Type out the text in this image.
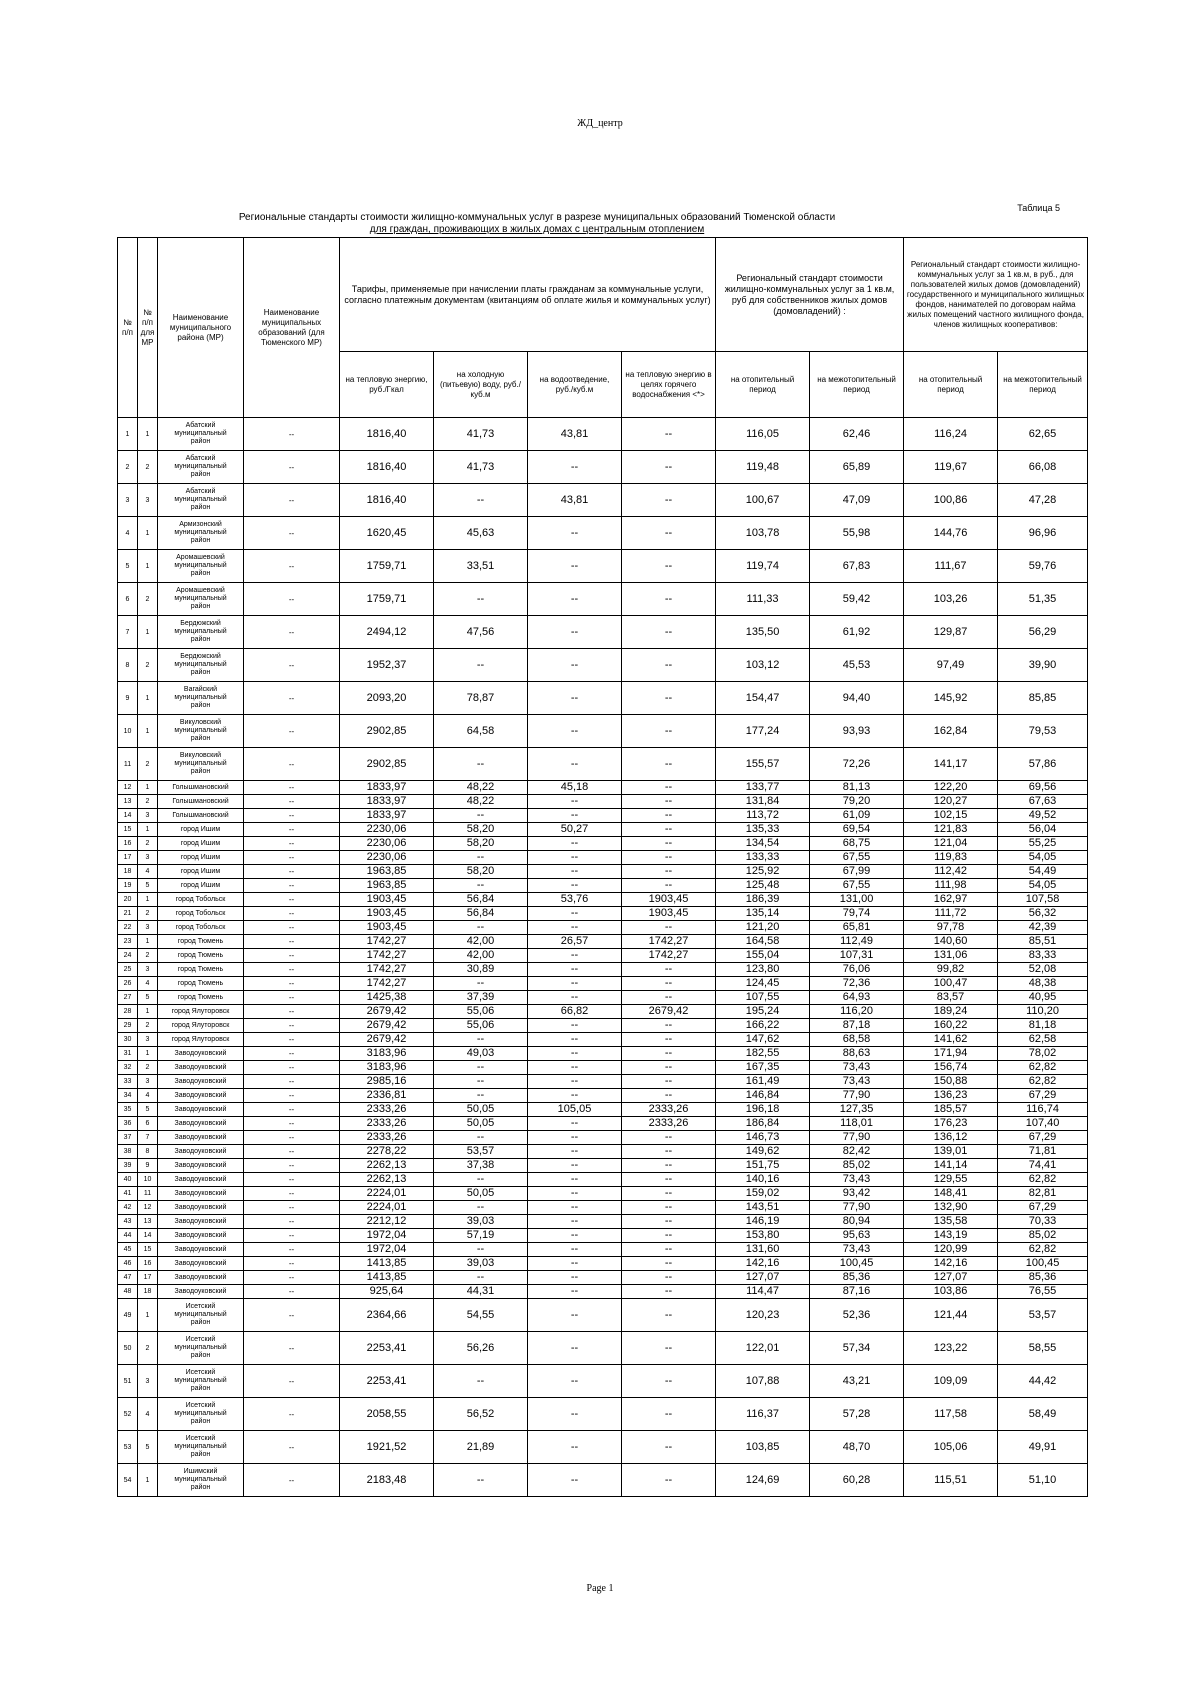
ЖД_центр
Таблица 5
Региональные стандарты стоимости жилищно-коммунальных услуг в разрезе муниципальных образований Тюменской области
для граждан, проживающих в жилых домах с центральным отоплением
№ п/п	№ п/п для МР	Наименование муниципального района (МР)	Наименование муниципальных образований (для Тюменского МР)	Тарифы, применяемые при начислении платы гражданам за коммунальные услуги, согласно платежным документам (квитанциям об оплате жилья и коммунальных услуг)				Региональный стандарт стоимости жилищно-коммунальных услуг за 1 кв.м, руб для собственников жилых домов (домовладений) :		Региональный стандарт стоимости жилищно-коммунальных услуг за 1 кв.м, в руб., для пользователей жилых домов (домовладений) государственного и муниципального жилищных фондов, нанимателей по договорам найма жилых помещений частного жилищного фонда, членов жилищных кооперативов:	
				на тепловую энергию, руб./Гкал	на холодную (питьевую) воду, руб./куб.м	на водоотведение, руб./куб.м	на тепловую энергию в целях горячего водоснабжения <*>	на отопительный период	на межотопительный период	на отопительный период	на межотопительный период
1	1	Абатский
муниципальный
район	--	1816,40	41,73	43,81	--	116,05	62,46	116,24	62,65
2	2	Абатский
муниципальный
район	--	1816,40	41,73	--	--	119,48	65,89	119,67	66,08
3	3	Абатский
муниципальный
район	--	1816,40	--	43,81	--	100,67	47,09	100,86	47,28
4	1	Армизонский
муниципальный
район	--	1620,45	45,63	--	--	103,78	55,98	144,76	96,96
5	1	Аромашевский
муниципальный
район	--	1759,71	33,51	--	--	119,74	67,83	111,67	59,76
6	2	Аромашевский
муниципальный
район	--	1759,71	--	--	--	111,33	59,42	103,26	51,35
7	1	Бердюжский
муниципальный
район	--	2494,12	47,56	--	--	135,50	61,92	129,87	56,29
8	2	Бердюжский
муниципальный
район	--	1952,37	--	--	--	103,12	45,53	97,49	39,90
9	1	Вагайский
муниципальный
район	--	2093,20	78,87	--	--	154,47	94,40	145,92	85,85
10	1	Викуловский
муниципальный
район	--	2902,85	64,58	--	--	177,24	93,93	162,84	79,53
11	2	Викуловский
муниципальный
район	--	2902,85	--	--	--	155,57	72,26	141,17	57,86
12	1	Голышмановский	--	1833,97	48,22	45,18	--	133,77	81,13	122,20	69,56
13	2	Голышмановский	--	1833,97	48,22	--	--	131,84	79,20	120,27	67,63
14	3	Голышмановский	--	1833,97	--	--	--	113,72	61,09	102,15	49,52
15	1	город Ишим	--	2230,06	58,20	50,27	--	135,33	69,54	121,83	56,04
16	2	город Ишим	--	2230,06	58,20	--	--	134,54	68,75	121,04	55,25
17	3	город Ишим	--	2230,06	--	--	--	133,33	67,55	119,83	54,05
18	4	город Ишим	--	1963,85	58,20	--	--	125,92	67,99	112,42	54,49
19	5	город Ишим	--	1963,85	--	--	--	125,48	67,55	111,98	54,05
20	1	город Тобольск	--	1903,45	56,84	53,76	1903,45	186,39	131,00	162,97	107,58
21	2	город Тобольск	--	1903,45	56,84	--	1903,45	135,14	79,74	111,72	56,32
22	3	город Тобольск	--	1903,45	--	--	--	121,20	65,81	97,78	42,39
23	1	город Тюмень	--	1742,27	42,00	26,57	1742,27	164,58	112,49	140,60	85,51
24	2	город Тюмень	--	1742,27	42,00	--	1742,27	155,04	107,31	131,06	83,33
25	3	город Тюмень	--	1742,27	30,89	--	--	123,80	76,06	99,82	52,08
26	4	город Тюмень	--	1742,27	--	--	--	124,45	72,36	100,47	48,38
27	5	город Тюмень	--	1425,38	37,39	--	--	107,55	64,93	83,57	40,95
28	1	город Ялуторовск	--	2679,42	55,06	66,82	2679,42	195,24	116,20	189,24	110,20
29	2	город Ялуторовск	--	2679,42	55,06	--	--	166,22	87,18	160,22	81,18
30	3	город Ялуторовск	--	2679,42	--	--	--	147,62	68,58	141,62	62,58
31	1	Заводоуковский	--	3183,96	49,03	--	--	182,55	88,63	171,94	78,02
32	2	Заводоуковский	--	3183,96	--	--	--	167,35	73,43	156,74	62,82
33	3	Заводоуковский	--	2985,16	--	--	--	161,49	73,43	150,88	62,82
34	4	Заводоуковский	--	2336,81	--	--	--	146,84	77,90	136,23	67,29
35	5	Заводоуковский	--	2333,26	50,05	105,05	2333,26	196,18	127,35	185,57	116,74
36	6	Заводоуковский	--	2333,26	50,05	--	2333,26	186,84	118,01	176,23	107,40
37	7	Заводоуковский	--	2333,26	--	--	--	146,73	77,90	136,12	67,29
38	8	Заводоуковский	--	2278,22	53,57	--	--	149,62	82,42	139,01	71,81
39	9	Заводоуковский	--	2262,13	37,38	--	--	151,75	85,02	141,14	74,41
40	10	Заводоуковский	--	2262,13	--	--	--	140,16	73,43	129,55	62,82
41	11	Заводоуковский	--	2224,01	50,05	--	--	159,02	93,42	148,41	82,81
42	12	Заводоуковский	--	2224,01	--	--	--	143,51	77,90	132,90	67,29
43	13	Заводоуковский	--	2212,12	39,03	--	--	146,19	80,94	135,58	70,33
44	14	Заводоуковский	--	1972,04	57,19	--	--	153,80	95,63	143,19	85,02
45	15	Заводоуковский	--	1972,04	--	--	--	131,60	73,43	120,99	62,82
46	16	Заводоуковский	--	1413,85	39,03	--	--	142,16	100,45	142,16	100,45
47	17	Заводоуковский	--	1413,85	--	--	--	127,07	85,36	127,07	85,36
48	18	Заводоуковский	--	925,64	44,31	--	--	114,47	87,16	103,86	76,55
49	1	Исетский
муниципальный
район	--	2364,66	54,55	--	--	120,23	52,36	121,44	53,57
50	2	Исетский
муниципальный
район	--	2253,41	56,26	--	--	122,01	57,34	123,22	58,55
51	3	Исетский
муниципальный
район	--	2253,41	--	--	--	107,88	43,21	109,09	44,42
52	4	Исетский
муниципальный
район	--	2058,55	56,52	--	--	116,37	57,28	117,58	58,49
53	5	Исетский
муниципальный
район	--	1921,52	21,89	--	--	103,85	48,70	105,06	49,91
54	1	Ишимский
муниципальный
район	--	2183,48	--	--	--	124,69	60,28	115,51	51,10
Page 1
